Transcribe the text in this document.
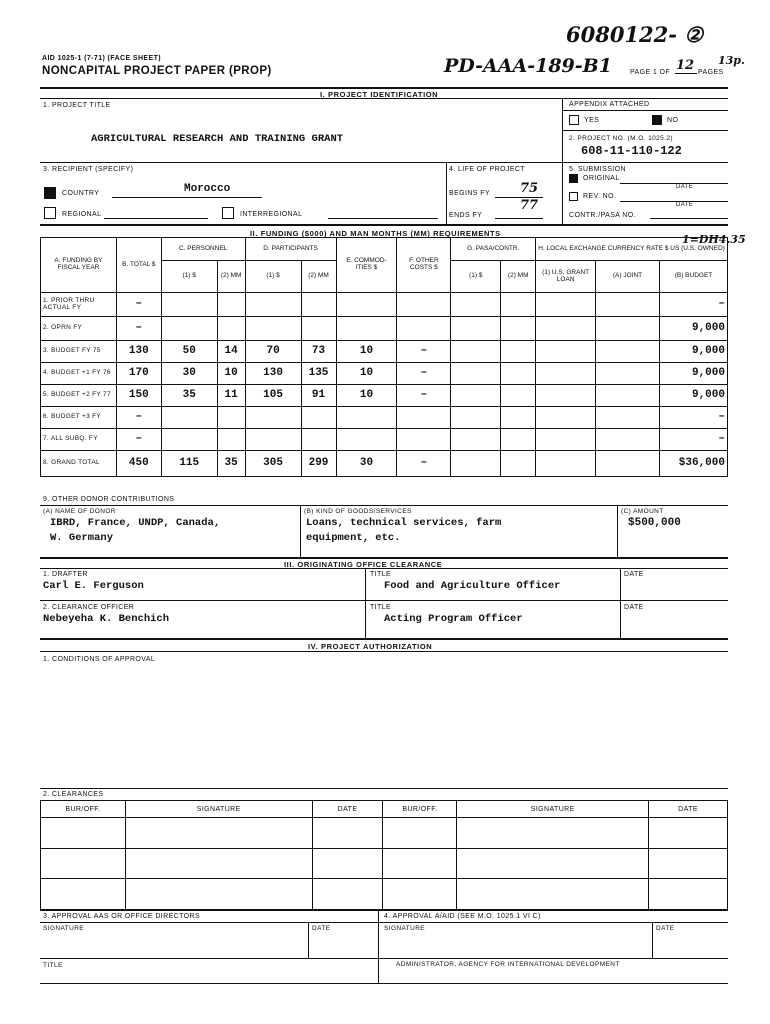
6080122- ②
AID 1025-1 (7-71) (FACE SHEET)
NONCAPITAL PROJECT PAPER (PROP)	PD-AAA-189-B1	PAGE 1 OF 12 PAGES
13p.
I. PROJECT IDENTIFICATION
1. PROJECT TITLE
AGRICULTURAL RESEARCH AND TRAINING GRANT
APPENDIX ATTACHED
YES	NO
2. PROJECT NO. (M.O. 1025.2)
608-11-110-122
3. RECIPIENT (SPECIFY)
COUNTRY	Morocco
REGIONAL	INTERREGIONAL
4. LIFE OF PROJECT
BEGINS FY 75
77
ENDS FY
5. SUBMISSION
ORIGINAL
DATE
REV. NO.
DATE
CONTR./PASA NO.
II. FUNDING ($000) AND MAN MONTHS (MM) REQUIREMENTS	1=DH4.35
A. FUNDING BY FISCAL YEAR	B. TOTAL $	C. PERSONNEL		D. PARTICIPANTS		E. COMMOD- ITIES $	F. OTHER COSTS $	G. PASA/CONTR.		H. LOCAL EXCHANGE CURRENCY RATE $ US (U.S. OWNED)		
		(1) $	(2) MM	(1) $	(2) MM			(1) $	(2) MM	(1) U.S. GRANT LOAN	(A) JOINT	(B) BUDGET
1. PRIOR THRU ACTUAL FY	–											–
2. OPRN FY	–											9,000
3. BUDGET FY 75	130	50	14	70	73	10	–					9,000
4. BUDGET +1 FY 76	170	30	10	130	135	10	–					9,000
5. BUDGET +2 FY 77	150	35	11	105	91	10	–					9,000
6. BUDGET +3 FY	–											–
7. ALL SUBQ. FY	–											–
8. GRAND TOTAL	450	115	35	305	299	30	–					$36,000
9. OTHER DONOR CONTRIBUTIONS
(A) NAME OF DONOR
IBRD, France, UNDP, Canada,
W. Germany
(B) KIND OF GOODS/SERVICES
Loans, technical services, farm
equipment, etc.
(C) AMOUNT
$500,000
III. ORIGINATING OFFICE CLEARANCE
1. DRAFTER
Carl E. Ferguson
TITLE
Food and Agriculture Officer
DATE
2. CLEARANCE OFFICER
Nebeyeha K. Benchich
TITLE
Acting Program Officer
DATE
IV. PROJECT AUTHORIZATION
1. CONDITIONS OF APPROVAL
2. CLEARANCES
BUR/OFF.	SIGNATURE	DATE	BUR/OFF.	SIGNATURE	DATE

3. APPROVAL AAS OR OFFICE DIRECTORS	4. APPROVAL A/AID (SEE M.O. 1025.1 VI C)
SIGNATURE	DATE	SIGNATURE	DATE
TITLE	ADMINISTRATOR, AGENCY FOR INTERNATIONAL DEVELOPMENT
